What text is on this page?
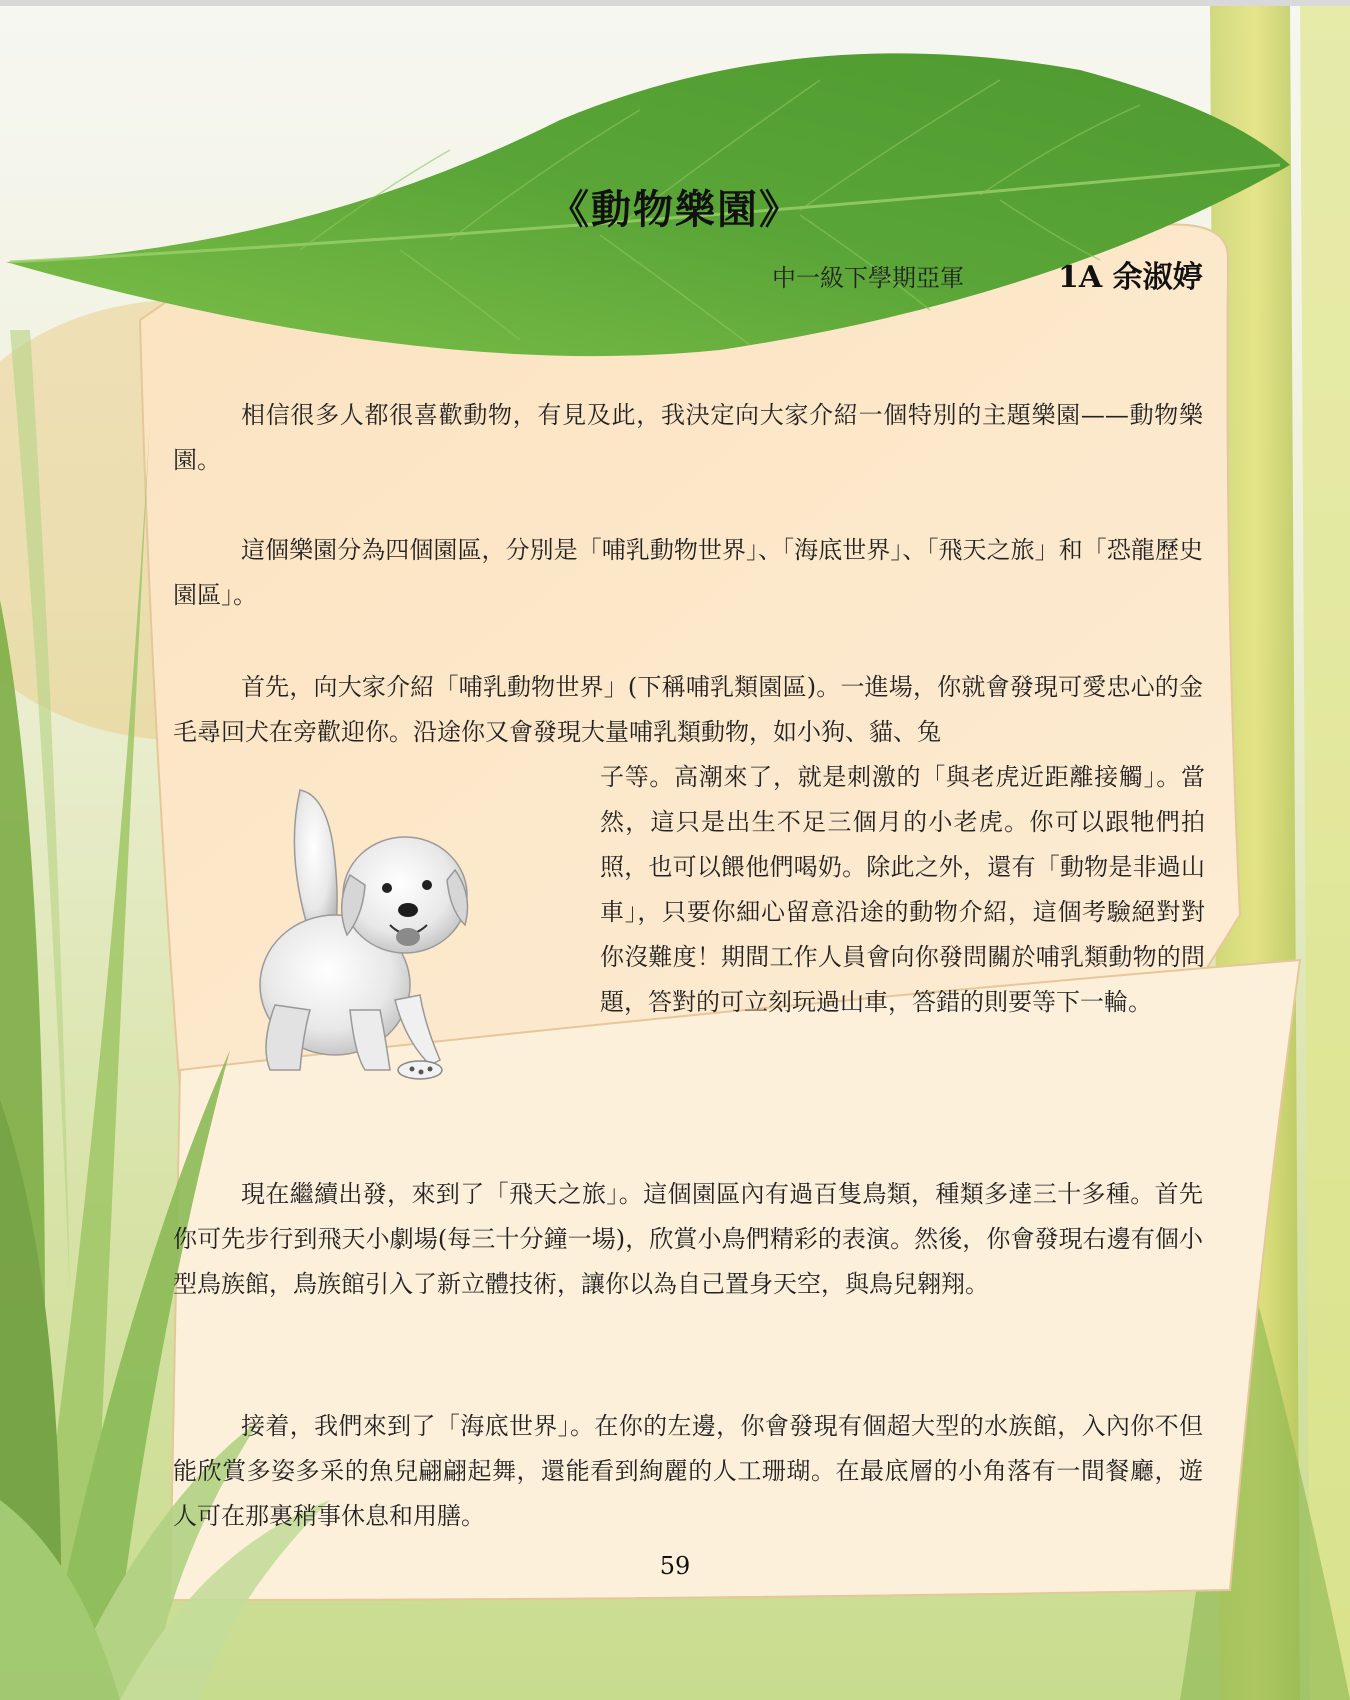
《動物樂園》
中一級下學期亞軍	1A 余淑婷

相信很多人都很喜歡動物，有見及此，我決定向大家介紹一個特別的主題樂園——動物樂園。

這個樂園分為四個園區，分別是「哺乳動物世界」、「海底世界」、「飛天之旅」和「恐龍歷史園區」。

首先，向大家介紹「哺乳動物世界」(下稱哺乳類園區)。一進場，你就會發現可愛忠心的金毛尋回犬在旁歡迎你。沿途你又會發現大量哺乳類動物，如小狗、貓、兔

子等。高潮來了，就是刺激的「與老虎近距離接觸」。當然，這只是出生不足三個月的小老虎。你可以跟牠們拍照，也可以餵他們喝奶。除此之外，還有「動物是非過山車」，只要你細心留意沿途的動物介紹，這個考驗絕對對你沒難度！期間工作人員會向你發問關於哺乳類動物的問題，答對的可立刻玩過山車，答錯的則要等下一輪。

現在繼續出發，來到了「飛天之旅」。這個園區內有過百隻鳥類，種類多達三十多種。首先你可先步行到飛天小劇場(每三十分鐘一場)，欣賞小鳥們精彩的表演。然後，你會發現右邊有個小型鳥族館，鳥族館引入了新立體技術，讓你以為自己置身天空，與鳥兒翱翔。

接着，我們來到了「海底世界」。在你的左邊，你會發現有個超大型的水族館，入內你不但能欣賞多姿多采的魚兒翩翩起舞，還能看到絢麗的人工珊瑚。在最底層的小角落有一間餐廳，遊人可在那裏稍事休息和用膳。

59
